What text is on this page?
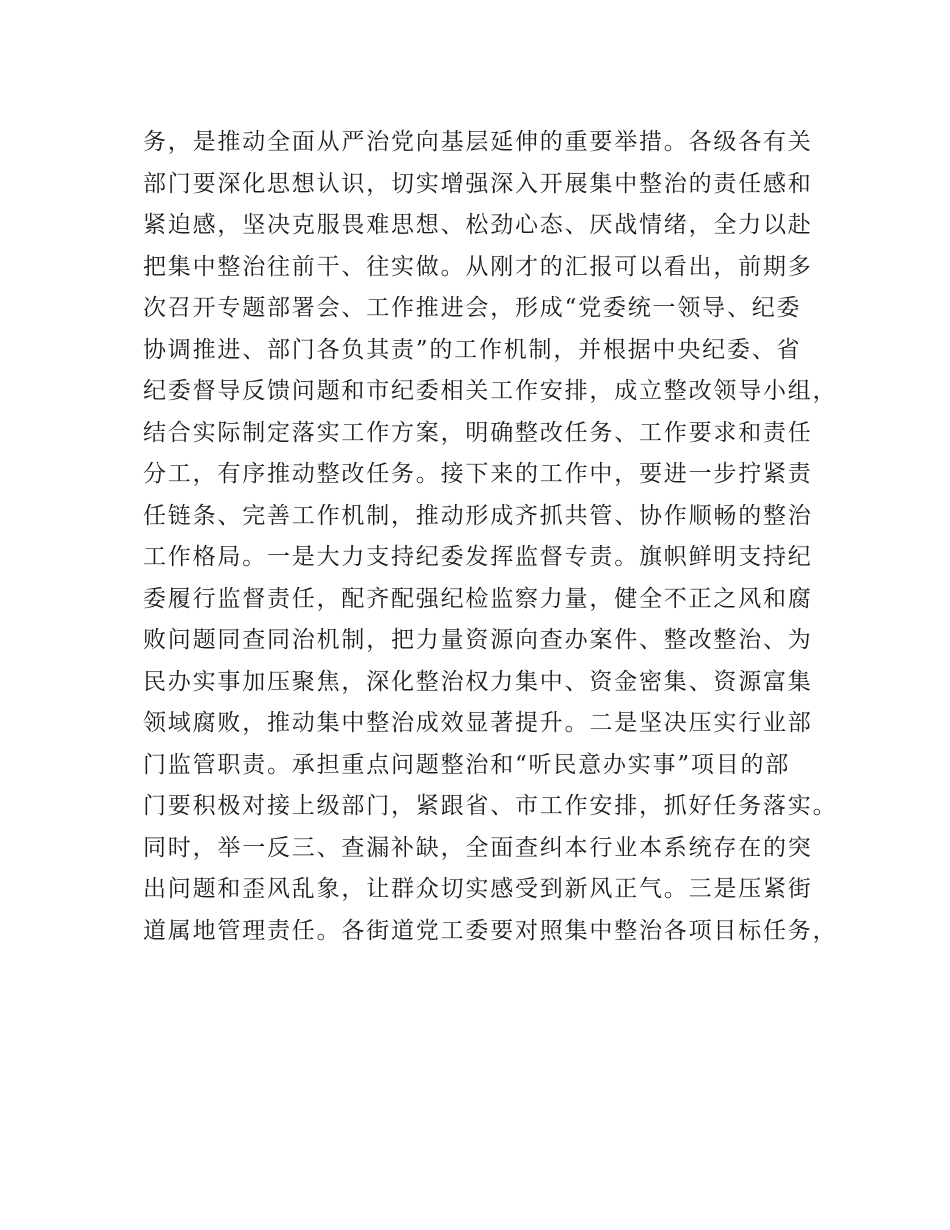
务，是推动全面从严治党向基层延伸的重要举措。各级各有关
部门要深化思想认识，切实增强深入开展集中整治的责任感和
紧迫感，坚决克服畏难思想、松劲心态、厌战情绪，全力以赴
把集中整治往前干、往实做。从刚才的汇报可以看出，前期多
次召开专题部署会、工作推进会，形成“党委统一领导、纪委
协调推进、部门各负其责”的工作机制，并根据中央纪委、省
纪委督导反馈问题和市纪委相关工作安排，成立整改领导小组，
结合实际制定落实工作方案，明确整改任务、工作要求和责任
分工，有序推动整改任务。接下来的工作中，要进一步拧紧责
任链条、完善工作机制，推动形成齐抓共管、协作顺畅的整治
工作格局。一是大力支持纪委发挥监督专责。旗帜鲜明支持纪
委履行监督责任，配齐配强纪检监察力量，健全不正之风和腐
败问题同查同治机制，把力量资源向查办案件、整改整治、为
民办实事加压聚焦，深化整治权力集中、资金密集、资源富集
领域腐败，推动集中整治成效显著提升。二是坚决压实行业部
门监管职责。承担重点问题整治和“听民意办实事”项目的部
门要积极对接上级部门，紧跟省、市工作安排，抓好任务落实。
同时，举一反三、查漏补缺，全面查纠本行业本系统存在的突
出问题和歪风乱象，让群众切实感受到新风正气。三是压紧街
道属地管理责任。各街道党工委要对照集中整治各项目标任务，
